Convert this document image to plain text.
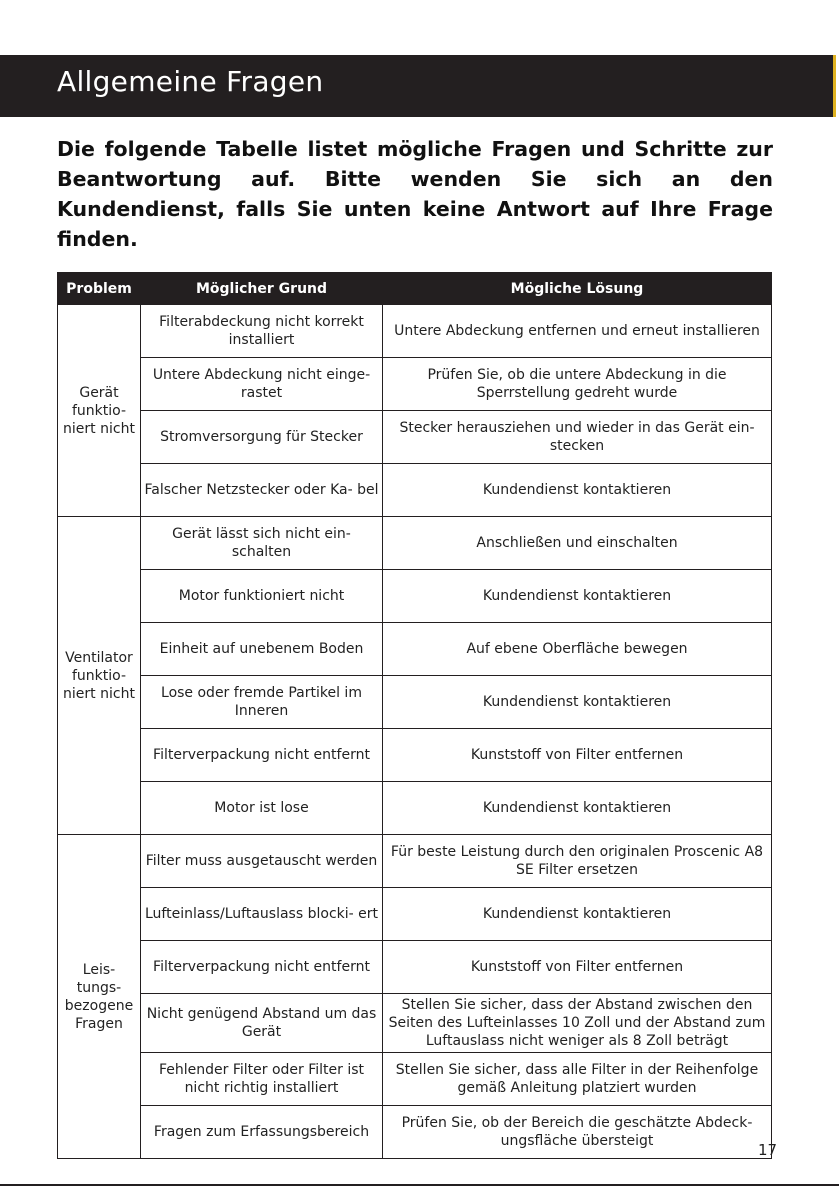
Allgemeine Fragen

Die folgende Tabelle listet mögliche Fragen und Schritte zur Beantwortung auf. Bitte wenden Sie sich an den Kundendienst, falls Sie unten keine Antwort auf Ihre Frage finden.

Problem	Möglicher Grund	Mögliche Lösung
Gerät funktio- niert nicht	Filterabdeckung nicht korrekt installiert	Untere Abdeckung entfernen und erneut installieren
	Untere Abdeckung nicht einge- rastet	Prüfen Sie, ob die untere Abdeckung in die Sperrstellung gedreht wurde
	Stromversorgung für Stecker	Stecker herausziehen und wieder in das Gerät ein- stecken
	Falscher Netzstecker oder Ka- bel	Kundendienst kontaktieren
Ventilator funktio- niert nicht	Gerät lässt sich nicht ein- schalten	Anschließen und einschalten
	Motor funktioniert nicht	Kundendienst kontaktieren
	Einheit auf unebenem Boden	Auf ebene Oberfläche bewegen
	Lose oder fremde Partikel im Inneren	Kundendienst kontaktieren
	Filterverpackung nicht entfernt	Kunststoff von Filter entfernen
	Motor ist lose	Kundendienst kontaktieren
Leis- tungs- bezogene Fragen	Filter muss ausgetauscht werden	Für beste Leistung durch den originalen Proscenic A8 SE Filter ersetzen
	Lufteinlass/Luftauslass blocki- ert	Kundendienst kontaktieren
	Filterverpackung nicht entfernt	Kunststoff von Filter entfernen
	Nicht genügend Abstand um das Gerät	Stellen Sie sicher, dass der Abstand zwischen den Seiten des Lufteinlasses 10 Zoll und der Abstand zum Luftauslass nicht weniger als 8 Zoll beträgt
	Fehlender Filter oder Filter ist nicht richtig installiert	Stellen Sie sicher, dass alle Filter in der Reihenfolge gemäß Anleitung platziert wurden
	Fragen zum Erfassungsbereich	Prüfen Sie, ob der Bereich die geschätzte Abdeck- ungsfläche übersteigt	17
